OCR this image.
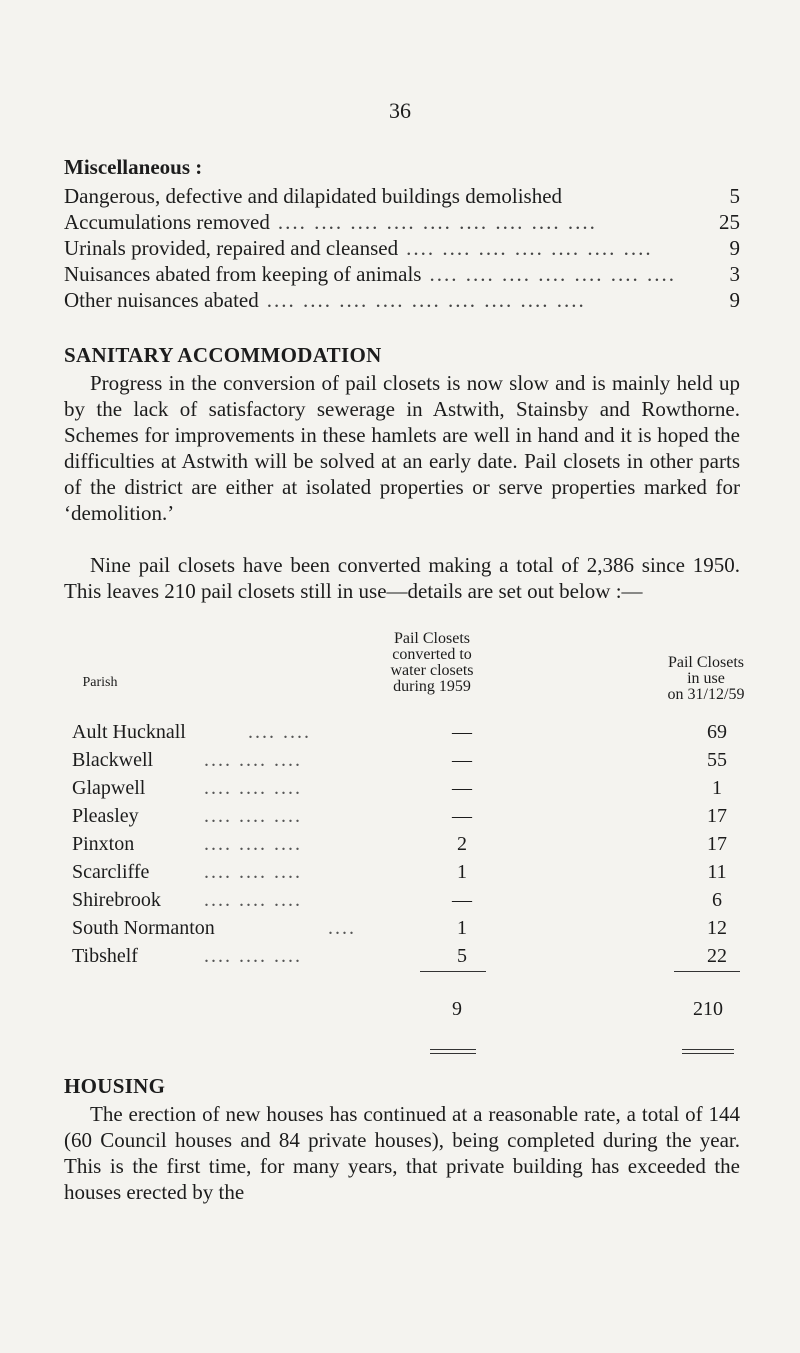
36
Miscellaneous :
Dangerous, defective and dilapidated buildings demolished	5
Accumulations removed .... .... .... .... .... .... .... .... ....	25
Urinals provided, repaired and cleansed .... .... .... .... .... .... ....	9
Nuisances abated from keeping of animals .... .... .... .... .... .... ....	3
Other nuisances abated .... .... .... .... .... .... .... .... ....	9
SANITARY ACCOMMODATION

Progress in the conversion of pail closets is now slow and is mainly held up by the lack of satisfactory sewerage in Astwith, Stainsby and Rowthorne. Schemes for improvements in these hamlets are well in hand and it is hoped the difficulties at Astwith will be solved at an early date. Pail closets in other parts of the district are either at isolated properties or serve properties marked for ‘demolition.’

Nine pail closets have been converted making a total of 2,386 since 1950. This leaves 210 pail closets still in use—details are set out below :—

Parish
Pail Closets
converted to
water closets
during 1959
Pail Closets
in use
on 31/12/59
Ault Hucknall	.... ....	—	69
Blackwell	.... .... ....	—	55
Glapwell	.... .... ....	—	1
Pleasley	.... .... ....	—	17
Pinxton	.... .... ....	2	17
Scarcliffe	.... .... ....	1	11
Shirebrook .... .... ....	—	6
South Normanton	....	1	12
Tibshelf	.... .... ....	5	22
9	210
HOUSING

The erection of new houses has continued at a reasonable rate, a total of 144 (60 Council houses and 84 private houses), being completed during the year. This is the first time, for many years, that private building has exceeded the houses erected by the
